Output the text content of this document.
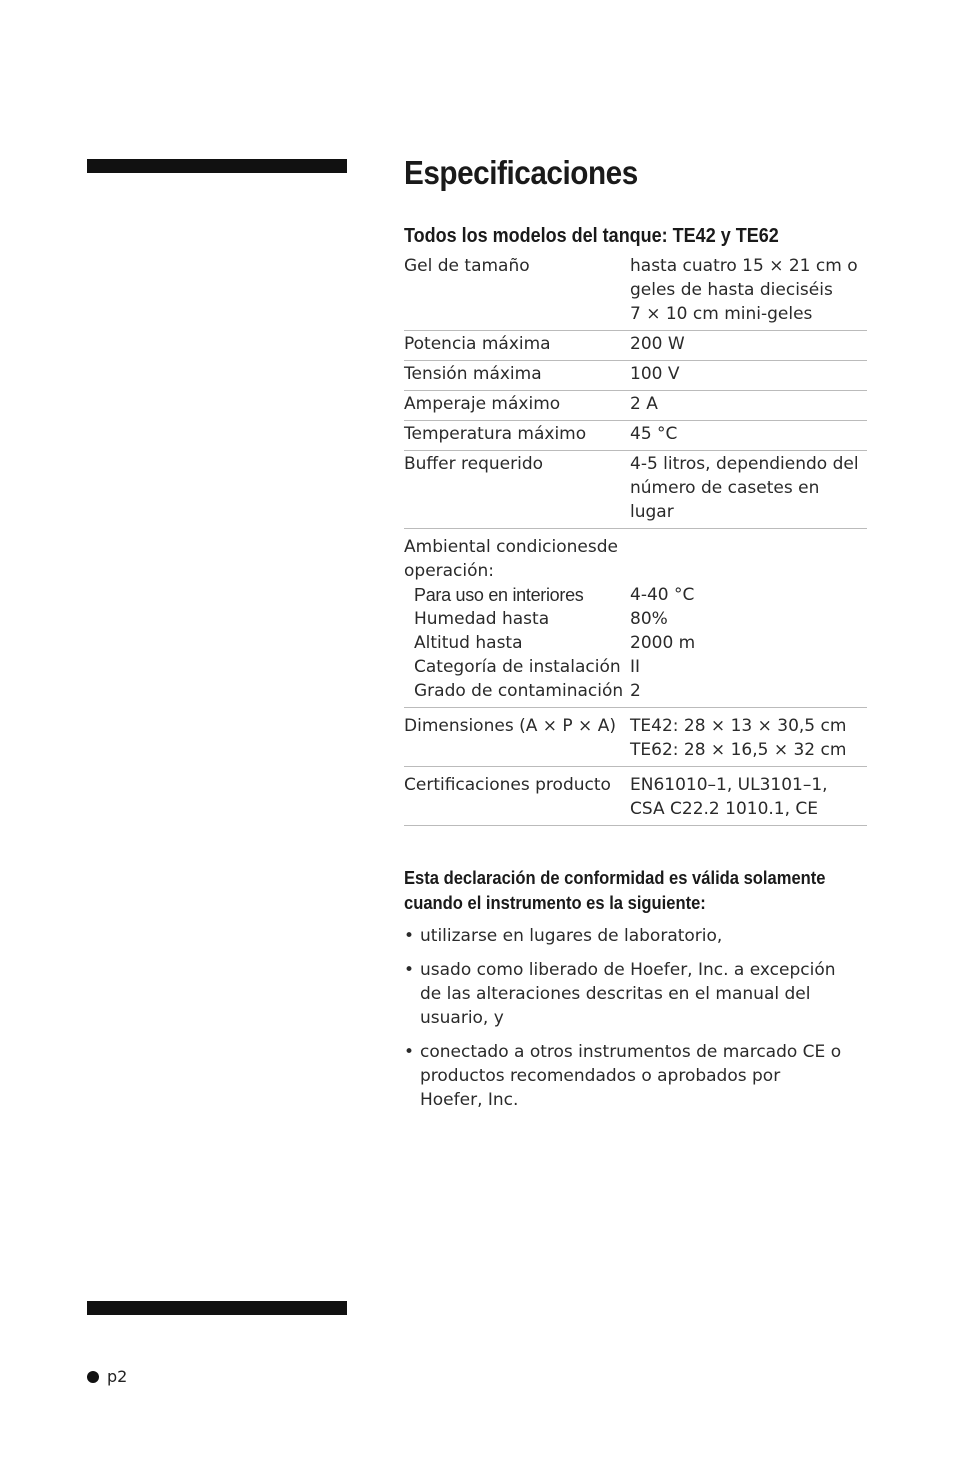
Especificaciones
Todos los modelos del tanque: TE42 y TE62
Gel de tamaño	hasta cuatro 15 × 21 cm o
geles de hasta dieciséis
7 × 10 cm mini-geles
Potencia máxima	200 W
Tensión máxima	100 V
Amperaje máximo	2 A
Temperatura máximo	45 °C
Buffer requerido	4-5 litros, dependiendo del
número de casetes en lugar
Ambiental condicionesde
operación:
Para uso en interiores	4-40 °C
Humedad hasta	80%
Altitud hasta	2000 m
Categoría de instalación II
Grado de contaminación 2
Dimensiones (A × P × A) TE42: 28 × 13 × 30,5 cm
TE62: 28 × 16,5 × 32 cm
Certificaciones producto	EN61010–1, UL3101–1,
CSA C22.2 1010.1, CE
Esta declaración de conformidad es válida solamente
cuando el instrumento es la siguiente:
• utilizarse en lugares de laboratorio,
• usado como liberado de Hoefer, Inc. a excepción
de las alteraciones descritas en el manual del
usuario, y
• conectado a otros instrumentos de marcado CE o
productos recomendados o aprobados por
Hoefer, Inc.
p2
